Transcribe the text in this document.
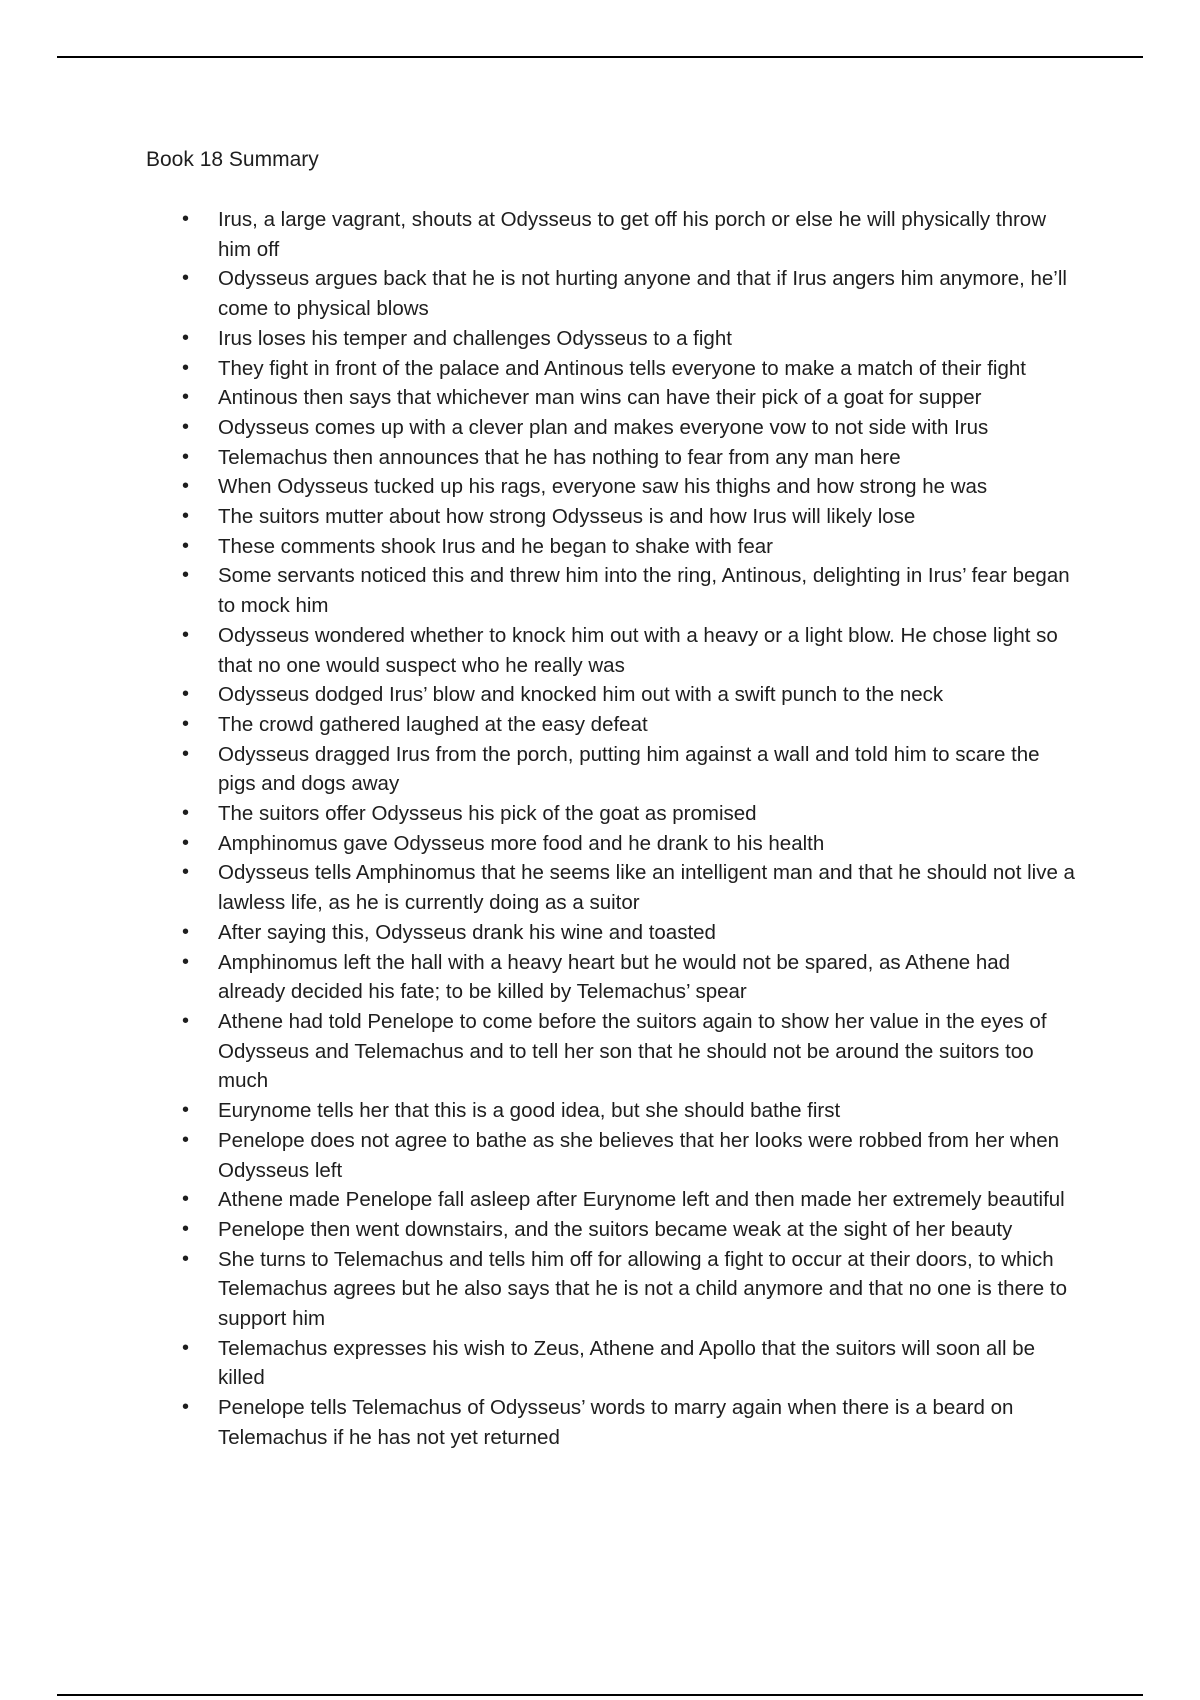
Book 18 Summary
• Irus, a large vagrant, shouts at Odysseus to get off his porch or else he will physically throw him off
• Odysseus argues back that he is not hurting anyone and that if Irus angers him anymore, he’ll come to physical blows
• Irus loses his temper and challenges Odysseus to a fight
• They fight in front of the palace and Antinous tells everyone to make a match of their fight
• Antinous then says that whichever man wins can have their pick of a goat for supper
• Odysseus comes up with a clever plan and makes everyone vow to not side with Irus
• Telemachus then announces that he has nothing to fear from any man here
• When Odysseus tucked up his rags, everyone saw his thighs and how strong he was
• The suitors mutter about how strong Odysseus is and how Irus will likely lose
• These comments shook Irus and he began to shake with fear
• Some servants noticed this and threw him into the ring, Antinous, delighting in Irus’ fear began to mock him
• Odysseus wondered whether to knock him out with a heavy or a light blow. He chose light so that no one would suspect who he really was
• Odysseus dodged Irus’ blow and knocked him out with a swift punch to the neck
• The crowd gathered laughed at the easy defeat
• Odysseus dragged Irus from the porch, putting him against a wall and told him to scare the pigs and dogs away
• The suitors offer Odysseus his pick of the goat as promised
• Amphinomus gave Odysseus more food and he drank to his health
• Odysseus tells Amphinomus that he seems like an intelligent man and that he should not live a lawless life, as he is currently doing as a suitor
• After saying this, Odysseus drank his wine and toasted
• Amphinomus left the hall with a heavy heart but he would not be spared, as Athene had already decided his fate; to be killed by Telemachus’ spear
• Athene had told Penelope to come before the suitors again to show her value in the eyes of Odysseus and Telemachus and to tell her son that he should not be around the suitors too much
• Eurynome tells her that this is a good idea, but she should bathe first
• Penelope does not agree to bathe as she believes that her looks were robbed from her when Odysseus left
• Athene made Penelope fall asleep after Eurynome left and then made her extremely beautiful
• Penelope then went downstairs, and the suitors became weak at the sight of her beauty
• She turns to Telemachus and tells him off for allowing a fight to occur at their doors, to which Telemachus agrees but he also says that he is not a child anymore and that no one is there to support him
• Telemachus expresses his wish to Zeus, Athene and Apollo that the suitors will soon all be killed
• Penelope tells Telemachus of Odysseus’ words to marry again when there is a beard on Telemachus if he has not yet returned
